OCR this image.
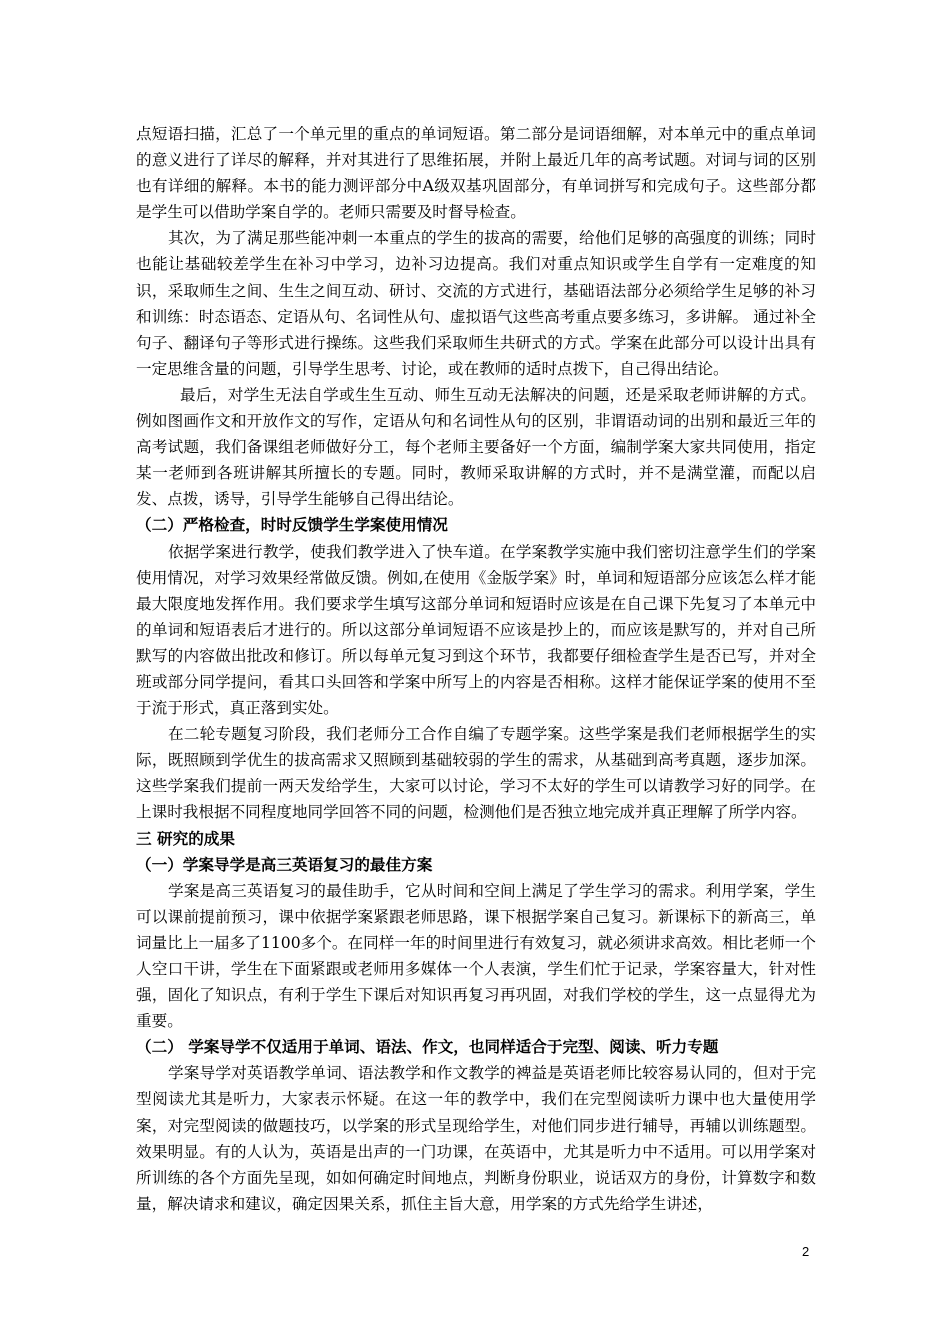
点短语扫描，汇总了一个单元里的重点的单词短语。第二部分是词语细解，对本单元中的重点单词的意义进行了详尽的解释，并对其进行了思维拓展，并附上最近几年的高考试题。对词与词的区别也有详细的解释。本书的能力测评部分中A级双基巩固部分，有单词拼写和完成句子。这些部分都是学生可以借助学案自学的。老师只需要及时督导检查。

其次，为了满足那些能冲刺一本重点的学生的拔高的需要，给他们足够的高强度的训练；同时也能让基础较差学生在补习中学习，边补习边提高。我们对重点知识或学生自学有一定难度的知识，采取师生之间、生生之间互动、研讨、交流的方式进行，基础语法部分必须给学生足够的补习和训练：时态语态、定语从句、名词性从句、虚拟语气这些高考重点要多练习，多讲解。 通过补全句子、翻译句子等形式进行操练。这些我们采取师生共研式的方式。学案在此部分可以设计出具有一定思维含量的问题，引导学生思考、讨论，或在教师的适时点拨下，自己得出结论。

最后，对学生无法自学或生生互动、师生互动无法解决的问题，还是采取老师讲解的方式。例如图画作文和开放作文的写作，定语从句和名词性从句的区别，非谓语动词的出别和最近三年的高考试题，我们备课组老师做好分工，每个老师主要备好一个方面，编制学案大家共同使用，指定某一老师到各班讲解其所擅长的专题。同时，教师采取讲解的方式时，并不是满堂灌，而配以启发、点拨，诱导，引导学生能够自己得出结论。

（二）严格检查，时时反馈学生学案使用情况

依据学案进行教学，使我们教学进入了快车道。在学案教学实施中我们密切注意学生们的学案使用情况，对学习效果经常做反馈。例如,在使用《金版学案》时，单词和短语部分应该怎么样才能最大限度地发挥作用。我们要求学生填写这部分单词和短语时应该是在自己课下先复习了本单元中的单词和短语表后才进行的。所以这部分单词短语不应该是抄上的，而应该是默写的，并对自己所默写的内容做出批改和修订。所以每单元复习到这个环节，我都要仔细检查学生是否已写，并对全班或部分同学提问，看其口头回答和学案中所写上的内容是否相称。这样才能保证学案的使用不至于流于形式，真正落到实处。

在二轮专题复习阶段，我们老师分工合作自编了专题学案。这些学案是我们老师根据学生的实际，既照顾到学优生的拔高需求又照顾到基础较弱的学生的需求，从基础到高考真题，逐步加深。这些学案我们提前一两天发给学生，大家可以讨论，学习不太好的学生可以请教学习好的同学。在上课时我根据不同程度地同学回答不同的问题，检测他们是否独立地完成并真正理解了所学内容。

三 研究的成果

（一）学案导学是高三英语复习的最佳方案

学案是高三英语复习的最佳助手，它从时间和空间上满足了学生学习的需求。利用学案，学生可以课前提前预习，课中依据学案紧跟老师思路，课下根据学案自己复习。新课标下的新高三，单词量比上一届多了1100多个。在同样一年的时间里进行有效复习，就必须讲求高效。相比老师一个人空口干讲，学生在下面紧跟或老师用多媒体一个人表演，学生们忙于记录，学案容量大，针对性强，固化了知识点，有利于学生下课后对知识再复习再巩固，对我们学校的学生，这一点显得尤为重要。

（二） 学案导学不仅适用于单词、语法、作文，也同样适合于完型、阅读、听力专题

学案导学对英语教学单词、语法教学和作文教学的裨益是英语老师比较容易认同的，但对于完型阅读尤其是听力，大家表示怀疑。在这一年的教学中，我们在完型阅读听力课中也大量使用学案，对完型阅读的做题技巧，以学案的形式呈现给学生，对他们同步进行辅导，再辅以训练题型。效果明显。有的人认为，英语是出声的一门功课，在英语中，尤其是听力中不适用。可以用学案对所训练的各个方面先呈现，如如何确定时间地点，判断身份职业，说话双方的身份，计算数字和数量，解决请求和建议，确定因果关系，抓住主旨大意，用学案的方式先给学生讲述，

2
